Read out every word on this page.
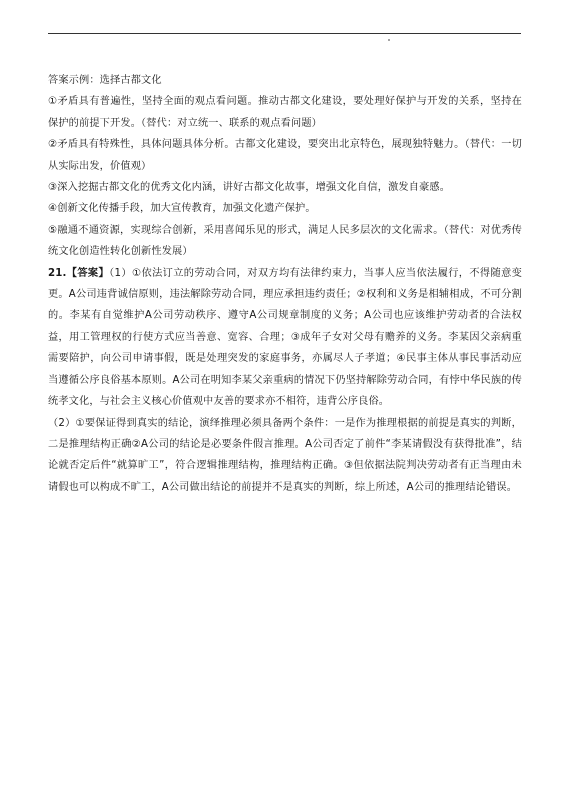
答案示例：选择古都文化

①矛盾具有普遍性，坚持全面的观点看问题。推动古都文化建设，要处理好保护与开发的关系，坚持在保护的前提下开发。（替代：对立统一、联系的观点看问题）

②矛盾具有特殊性，具体问题具体分析。古都文化建设，要突出北京特色，展现独特魅力。（替代：一切从实际出发，价值观）

③深入挖掘古都文化的优秀文化内涵，讲好古都文化故事，增强文化自信，激发自豪感。

④创新文化传播手段，加大宣传教育，加强文化遗产保护。

⑤融通不通资源，实现综合创新，采用喜闻乐见的形式，满足人民多层次的文化需求。（替代：对优秀传统文化创造性转化创新性发展）

21.【答案】（1）①依法订立的劳动合同，对双方均有法律约束力，当事人应当依法履行，不得随意变更。A公司违背诚信原则，违法解除劳动合同，理应承担违约责任；②权利和义务是相辅相成，不可分割的。李某有自觉维护A公司劳动秩序、遵守A公司规章制度的义务；A公司也应该维护劳动者的合法权益，用工管理权的行使方式应当善意、宽容、合理；③成年子女对父母有赡养的义务。李某因父亲病重需要陪护，向公司申请事假，既是处理突发的家庭事务，亦属尽人子孝道；④民事主体从事民事活动应当遵循公序良俗基本原则。A公司在明知李某父亲重病的情况下仍坚持解除劳动合同，有悖中华民族的传统孝文化，与社会主义核心价值观中友善的要求亦不相符，违背公序良俗。

（2）①要保证得到真实的结论，演绎推理必须具备两个条件：一是作为推理根据的前提是真实的判断，二是推理结构正确②A公司的结论是必要条件假言推理。A公司否定了前件“李某请假没有获得批准”，结论就否定后件“就算旷工”，符合逻辑推理结构，推理结构正确。③但依据法院判决劳动者有正当理由未请假也可以构成不旷工，A公司做出结论的前提并不是真实的判断，综上所述，A公司的推理结论错误。
